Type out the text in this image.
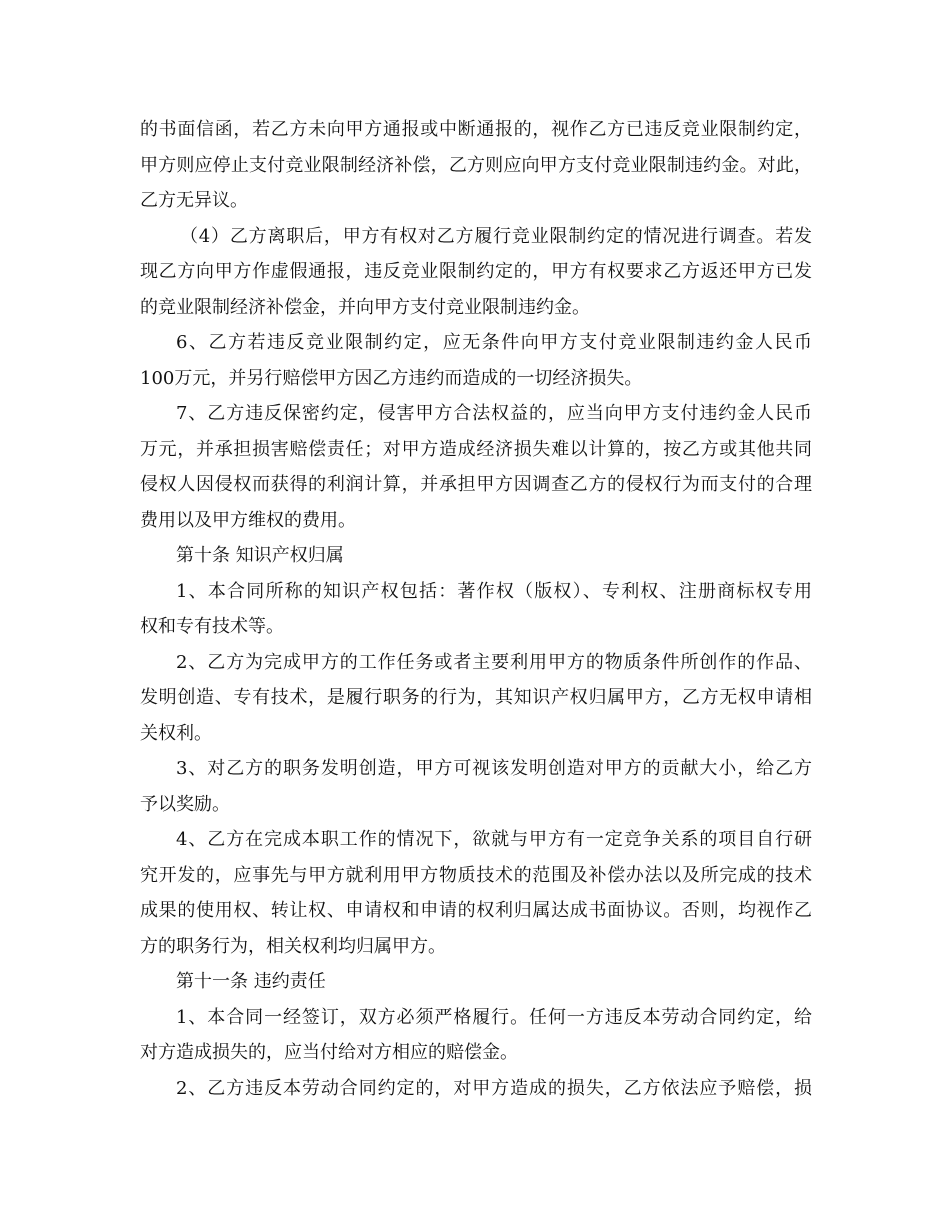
的书面信函，若乙方未向甲方通报或中断通报的，视作乙方已违反竞业限制约定，
甲方则应停止支付竞业限制经济补偿，乙方则应向甲方支付竞业限制违约金。对此，
乙方无异议。
（4）乙方离职后，甲方有权对乙方履行竞业限制约定的情况进行调查。若发
现乙方向甲方作虚假通报，违反竞业限制约定的，甲方有权要求乙方返还甲方已发
的竞业限制经济补偿金，并向甲方支付竞业限制违约金。
6、乙方若违反竞业限制约定，应无条件向甲方支付竞业限制违约金人民币
100万元，并另行赔偿甲方因乙方违约而造成的一切经济损失。
7、乙方违反保密约定，侵害甲方合法权益的，应当向甲方支付违约金人民币
万元，并承担损害赔偿责任；对甲方造成经济损失难以计算的，按乙方或其他共同
侵权人因侵权而获得的利润计算，并承担甲方因调查乙方的侵权行为而支付的合理
费用以及甲方维权的费用。
第十条 知识产权归属
1、本合同所称的知识产权包括：著作权（版权）、专利权、注册商标权专用
权和专有技术等。
2、乙方为完成甲方的工作任务或者主要利用甲方的物质条件所创作的作品、
发明创造、专有技术，是履行职务的行为，其知识产权归属甲方，乙方无权申请相
关权利。
3、对乙方的职务发明创造，甲方可视该发明创造对甲方的贡献大小，给乙方
予以奖励。
4、乙方在完成本职工作的情况下，欲就与甲方有一定竞争关系的项目自行研
究开发的，应事先与甲方就利用甲方物质技术的范围及补偿办法以及所完成的技术
成果的使用权、转让权、申请权和申请的权利归属达成书面协议。否则，均视作乙
方的职务行为，相关权利均归属甲方。
第十一条 违约责任
1、本合同一经签订，双方必须严格履行。任何一方违反本劳动合同约定，给
对方造成损失的，应当付给对方相应的赔偿金。
2、乙方违反本劳动合同约定的，对甲方造成的损失，乙方依法应予赔偿，损
